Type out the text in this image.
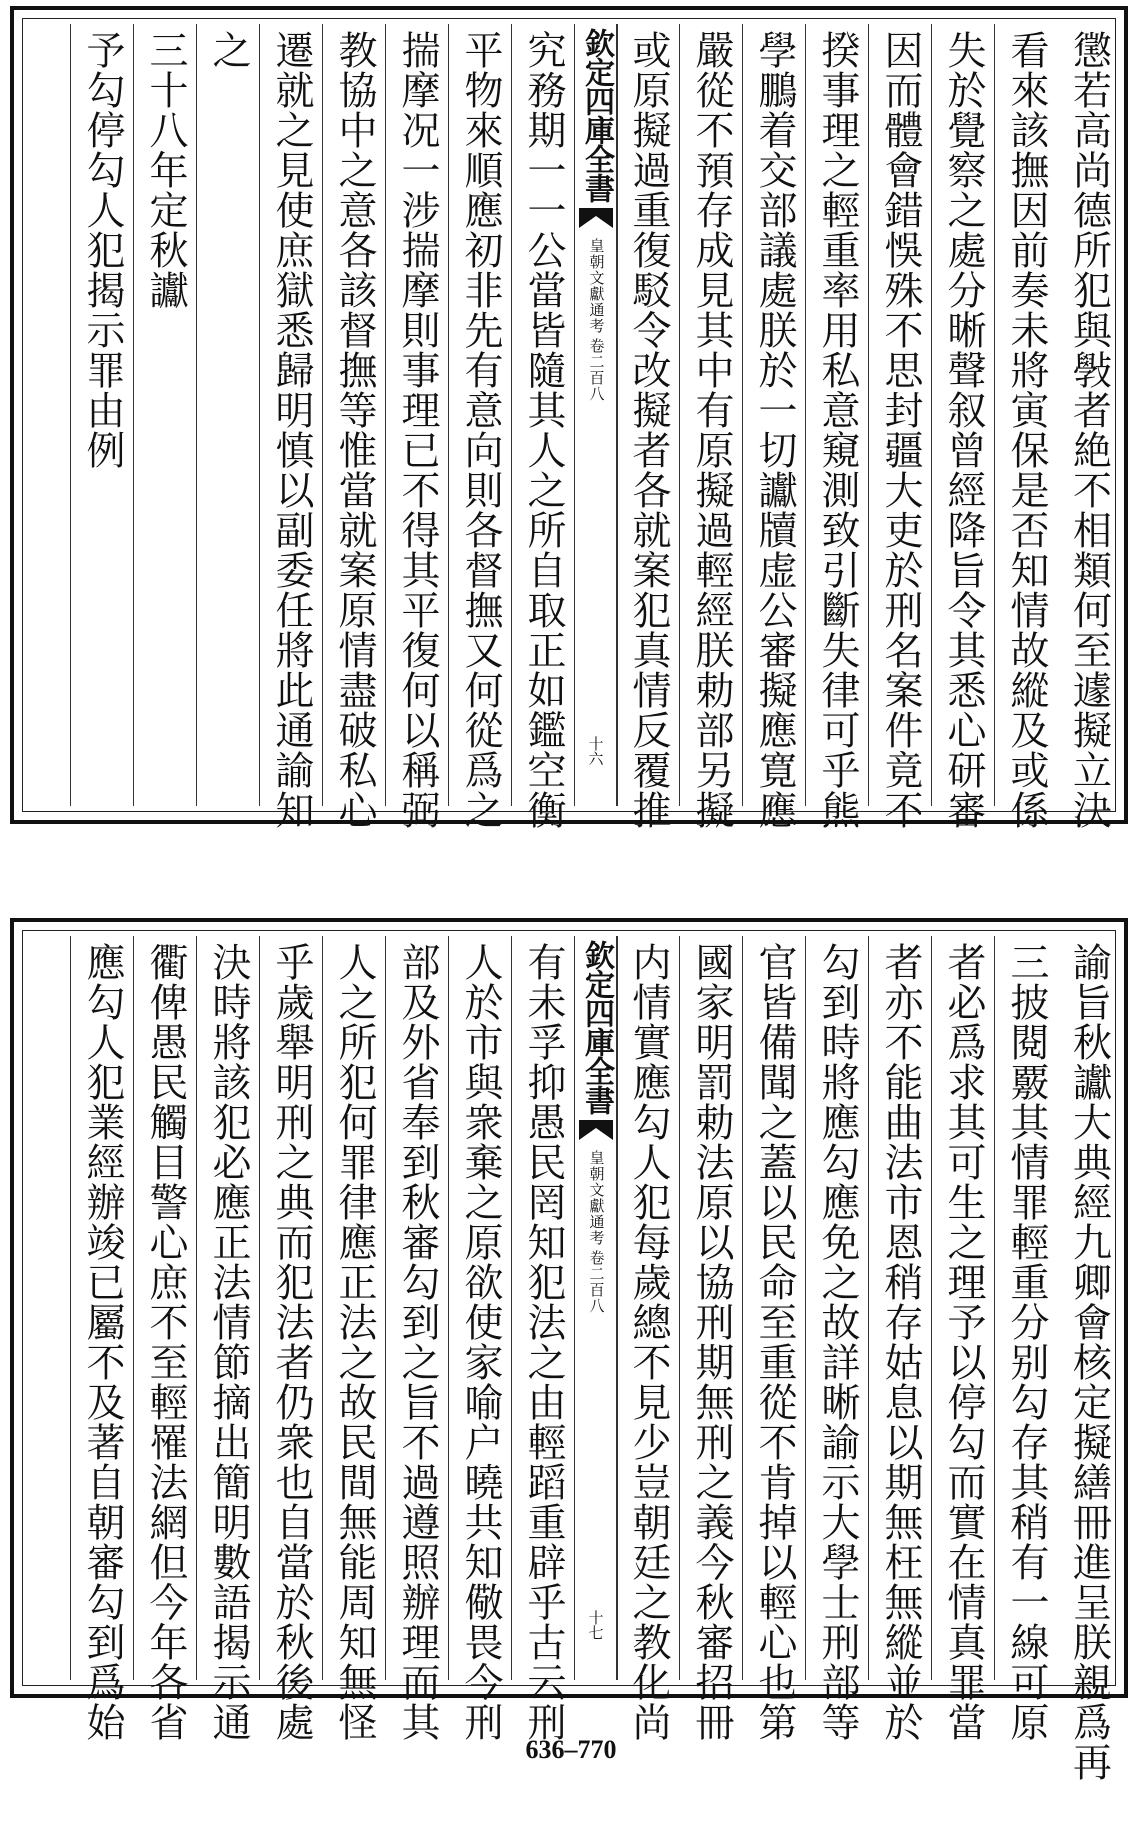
懲若高尚德所犯與斅者絶不相類何至遽擬立決
看來該撫因前奏未將寅保是否知情故縱及或係
失於覺察之處分晰聲叙曾經降旨令其悉心研審
因而體會錯悞殊不思封疆大吏於刑名案件竟不
揆事理之輕重率用私意窺測致引斷失律可乎熊
學鵬着交部議處朕於一切讞牘虚公審擬應寛應
嚴從不預存成見其中有原擬過輕經朕勅部另擬
或原擬過重復駁令改擬者各就案犯真情反覆推
欽定四庫全書
皇朝文獻通考
卷二百八
十六
究務期一一公當皆隨其人之所自取正如鑑空衡
平物來順應初非先有意向則各督撫又何從爲之
揣摩况一涉揣摩則事理已不得其平復何以稱弼
教協中之意各該督撫等惟當就案原情盡破私心
遷就之見使庶獄悉歸明慎以副委任將此通諭知
之
三十八年定秋讞
予勾停勾人犯揭示罪由例
諭旨秋讞大典經九卿會核定擬繕冊進呈朕親爲再
三披閱覈其情罪輕重分别勾存其稍有一線可原
者必爲求其可生之理予以停勾而實在情真罪當
者亦不能曲法市恩稍存姑息以期無枉無縱並於
勾到時將應勾應免之故詳晰諭示大學士刑部等
官皆備聞之蓋以民命至重從不肯掉以輕心也第
國家明罰勅法原以協刑期無刑之義今秋審招冊
内情實應勾人犯每歲總不見少豈朝廷之教化尚
欽定四庫全書
皇朝文獻通考
卷二百八
十七
有未孚抑愚民罔知犯法之由輕蹈重辟乎古云刑
人於市與衆棄之原欲使家喻户曉共知儆畏今刑
部及外省奉到秋審勾到之旨不過遵照辦理而其
人之所犯何罪律應正法之故民間無能周知無怪
乎歲舉明刑之典而犯法者仍衆也自當於秋後處
決時將該犯必應正法情節摘出簡明數語揭示通
衢俾愚民觸目警心庶不至輕罹法網但今年各省
應勾人犯業經辦竣已屬不及著自朝審勾到爲始
636–770
